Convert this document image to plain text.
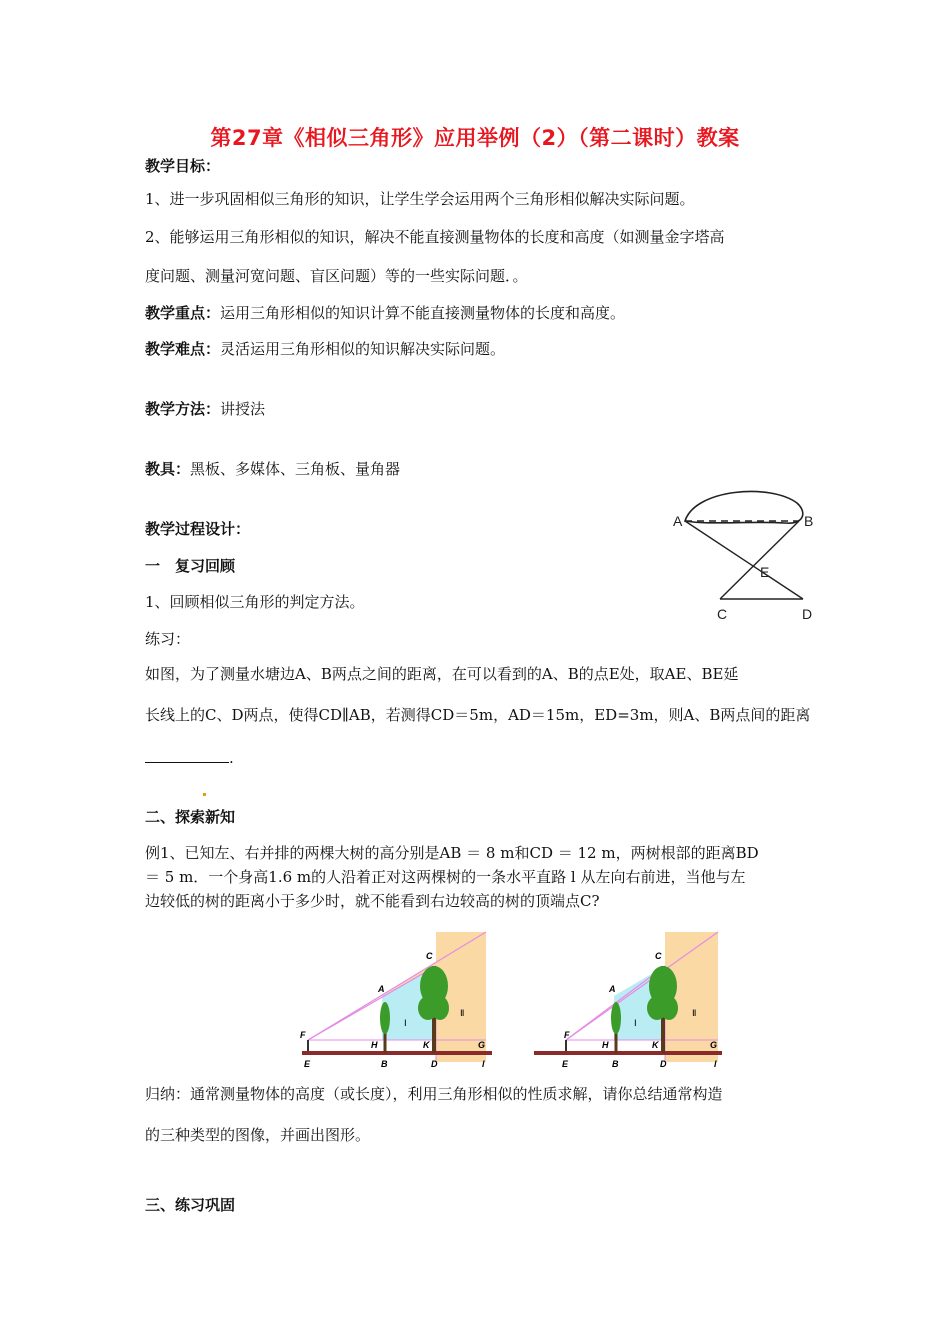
第27章《相似三角形》应用举例（2）（第二课时）教案
教学目标：
1、进一步巩固相似三角形的知识，让学生学会运用两个三角形相似解决实际问题。
2、能够运用三角形相似的知识，解决不能直接测量物体的长度和高度（如测量金字塔高
度问题、测量河宽问题、盲区问题）等的一些实际问题．。
教学重点：运用三角形相似的知识计算不能直接测量物体的长度和高度。
教学难点：灵活运用三角形相似的知识解决实际问题。
教学方法：讲授法
教具：黑板、多媒体、三角板、量角器
教学过程设计：
一　复习回顾
1、回顾相似三角形的判定方法。
练习：
如图，为了测量水塘边A、B两点之间的距离，在可以看到的A、B的点E处，取AE、BE延
长线上的C、D两点，使得CD∥AB，若测得CD＝5m，AD＝15m，ED=3m，则A、B两点间的距离
.
A	B
E
C	D
二、探索新知
例1、已知左、右并排的两棵大树的高分别是AB ＝ 8 m和CD ＝ 12 m，两树根部的距离BD
＝ 5 m．一个身高1.6 m的人沿着正对这两棵树的一条水平直路 l 从左向右前进，当他与左
边较低的树的距离小于多少时，就不能看到右边较高的树的顶端点C?
C
A
F
H	K	G
E	B	D	l
Ⅰ
Ⅱ
C
A
F
H	K	G
E	B	D	l
Ⅰ
Ⅱ
归纳：通常测量物体的高度（或长度），利用三角形相似的性质求解，请你总结通常构造
的三种类型的图像，并画出图形。
三、练习巩固
